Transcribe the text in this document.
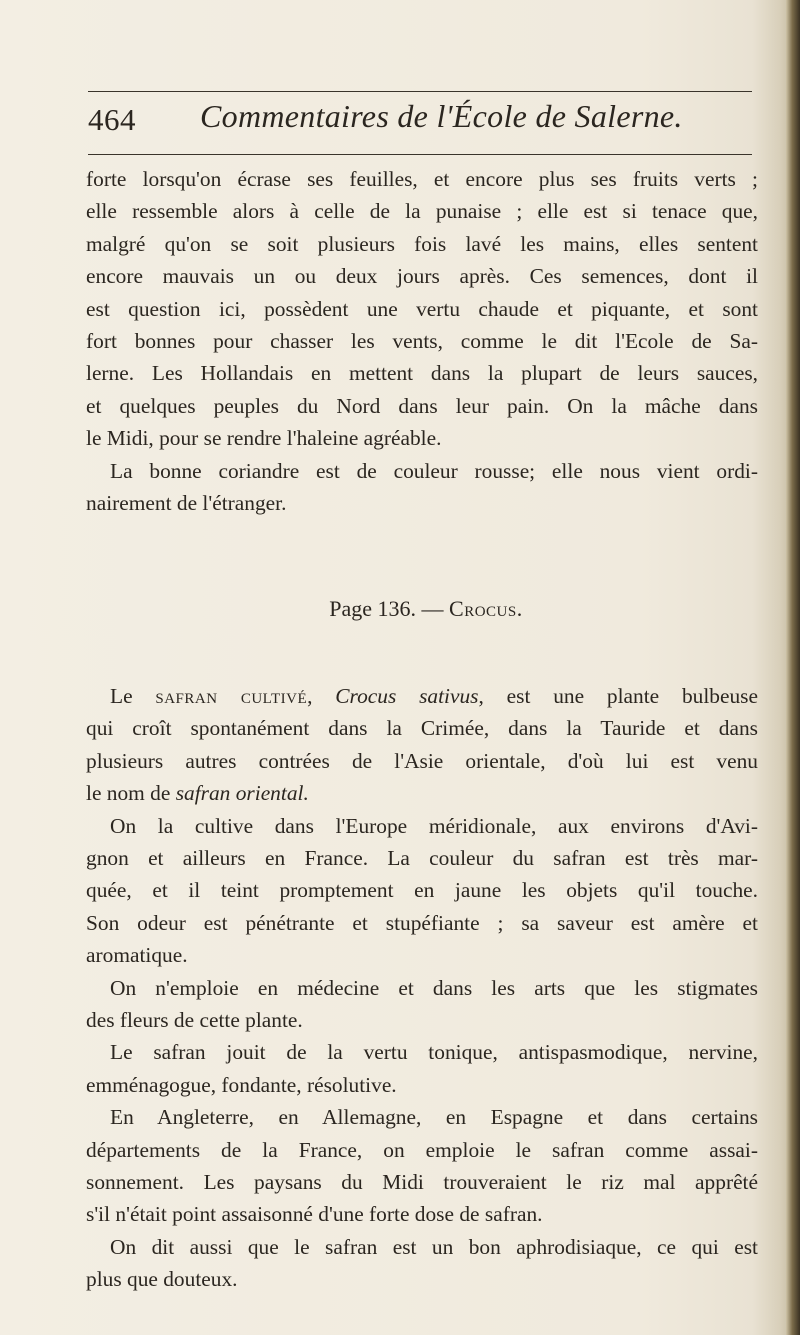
464 Commentaires de l'École de Salerne.

forte lorsqu'on écrase ses feuilles, et encore plus ses fruits verts ;

elle ressemble alors à celle de la punaise ; elle est si tenace que,

malgré qu'on se soit plusieurs fois lavé les mains, elles sentent

encore mauvais un ou deux jours après. Ces semences, dont il

est question ici, possèdent une vertu chaude et piquante, et sont

fort bonnes pour chasser les vents, comme le dit l'Ecole de Sa-

lerne. Les Hollandais en mettent dans la plupart de leurs sauces,

et quelques peuples du Nord dans leur pain. On la mâche dans

le Midi, pour se rendre l'haleine agréable.

La bonne coriandre est de couleur rousse; elle nous vient ordi-

nairement de l'étranger.

Page 136. — Crocus.

Le safran cultivé, Crocus sativus, est une plante bulbeuse

qui croît spontanément dans la Crimée, dans la Tauride et dans

plusieurs autres contrées de l'Asie orientale, d'où lui est venu

le nom de safran oriental.

On la cultive dans l'Europe méridionale, aux environs d'Avi-

gnon et ailleurs en France. La couleur du safran est très mar-

quée, et il teint promptement en jaune les objets qu'il touche.

Son odeur est pénétrante et stupéfiante ; sa saveur est amère et

aromatique.

On n'emploie en médecine et dans les arts que les stigmates

des fleurs de cette plante.

Le safran jouit de la vertu tonique, antispasmodique, nervine,

emménagogue, fondante, résolutive.

En Angleterre, en Allemagne, en Espagne et dans certains

départements de la France, on emploie le safran comme assai-

sonnement. Les paysans du Midi trouveraient le riz mal apprêté

s'il n'était point assaisonné d'une forte dose de safran.

On dit aussi que le safran est un bon aphrodisiaque, ce qui est

plus que douteux.
